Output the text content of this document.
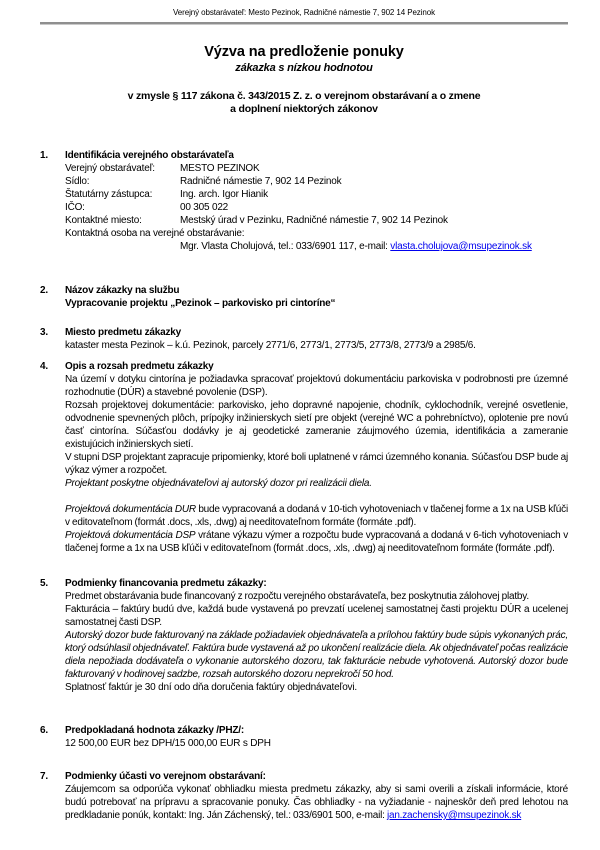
Verejný obstarávateľ: Mesto Pezinok, Radničné námestie 7, 902 14 Pezinok
Výzva na predloženie ponuky
zákazka s nízkou hodnotou
v zmysle § 117 zákona č. 343/2015 Z. z. o verejnom obstarávaní a o zmene
a doplnení niektorých zákonov
1.	Identifikácia verejného obstarávateľa
Verejný obstarávateľ:	MESTO PEZINOK
Sídlo:	Radničné námestie 7, 902 14 Pezinok
Štatutárny zástupca:	Ing. arch. Igor Hianik
IČO:	00 305 022
Kontaktné miesto:	Mestský úrad v Pezinku, Radničné námestie 7, 902 14 Pezinok
Kontaktná osoba na verejné obstarávanie:
Mgr. Vlasta Cholujová, tel.: 033/6901 117, e-mail: vlasta.cholujova@msupezinok.sk
2.	Názov zákazky na službu
Vypracovanie projektu „Pezinok – parkovisko pri cintoríne“
3.	Miesto predmetu zákazky
kataster mesta Pezinok – k.ú. Pezinok, parcely 2771/6, 2773/1, 2773/5, 2773/8, 2773/9 a 2985/6.
4.	Opis a rozsah predmetu zákazky
Na území v dotyku cintorína je požiadavka spracovať projektovú dokumentáciu parkoviska v podrobnosti pre územné rozhodnutie (DÚR) a stavebné povolenie (DSP).
Rozsah projektovej dokumentácie: parkovisko, jeho dopravné napojenie, chodník, cyklochodník, verejné osvetlenie, odvodnenie spevnených plôch, prípojky inžinierskych sietí pre objekt (verejné WC a pohrebníctvo), oplotenie pre novú časť cintorína. Súčasťou dodávky je aj geodetické zameranie záujmového územia, identifikácia a zameranie existujúcich inžinierskych sietí.
V stupni DSP projektant zapracuje pripomienky, ktoré boli uplatnené v rámci územného konania. Súčasťou DSP bude aj výkaz výmer a rozpočet.
Projektant poskytne objednávateľovi aj autorský dozor pri realizácii diela.
Projektová dokumentácia DUR bude vypracovaná a dodaná v 10-tich vyhotoveniach v tlačenej forme a 1x na USB kľúči v editovateľnom (formát .docs, .xls, .dwg) aj needitovateľnom formáte (formáte .pdf).
Projektová dokumentácia DSP vrátane výkazu výmer a rozpočtu bude vypracovaná a dodaná v 6-tich vyhotoveniach v tlačenej forme a 1x na USB kľúči v editovateľnom (formát .docs, .xls, .dwg) aj needitovateľnom formáte (formáte .pdf).
5.	Podmienky financovania predmetu zákazky:
Predmet obstarávania bude financovaný z rozpočtu verejného obstarávateľa, bez poskytnutia zálohovej platby.
Fakturácia – faktúry budú dve, každá bude vystavená po prevzatí ucelenej samostatnej časti projektu DÚR a ucelenej samostatnej časti DSP.
Autorský dozor bude fakturovaný na základe požiadaviek objednávateľa a prílohou faktúry bude súpis vykonaných prác, ktorý odsúhlasil objednávateľ. Faktúra bude vystavená až po ukončení realizácie diela. Ak objednávateľ počas realizácie diela nepožiada dodávateľa o vykonanie autorského dozoru, tak fakturácie nebude vyhotovená. Autorský dozor bude fakturovaný v hodinovej sadzbe, rozsah autorského dozoru neprekročí 50 hod.
Splatnosť faktúr je 30 dní odo dňa doručenia faktúry objednávateľovi.
6.	Predpokladaná hodnota zákazky /PHZ/:
12 500,00 EUR bez DPH/15 000,00 EUR s DPH
7.	Podmienky účasti vo verejnom obstarávaní:
Záujemcom sa odporúča vykonať obhliadku miesta predmetu zákazky, aby si sami overili a získali informácie, ktoré budú potrebovať na prípravu a spracovanie ponuky. Čas obhliadky - na vyžiadanie - najneskôr deň pred lehotou na predkladanie ponúk, kontakt: Ing. Ján Záchenský, tel.: 033/6901 500, e-mail: jan.zachensky@msupezinok.sk
